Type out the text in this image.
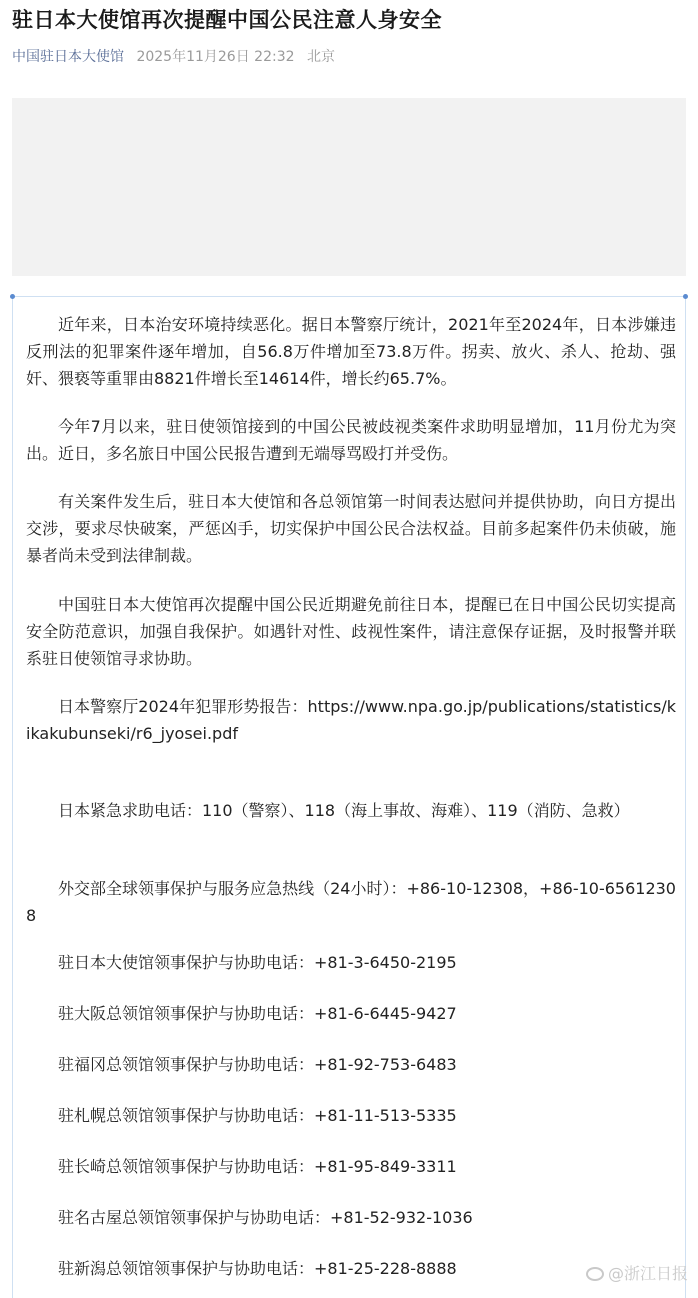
驻日本大使馆再次提醒中国公民注意人身安全
中国驻日本大使馆 2025年11月26日 22:32 北京

近年来，日本治安环境持续恶化。据日本警察厅统计，2021年至2024年，日本涉嫌违反刑法的犯罪案件逐年增加，自56.8万件增加至73.8万件。拐卖、放火、杀人、抢劫、强奸、猥亵等重罪由8821件增长至14614件，增长约65.7%。

今年7月以来，驻日使领馆接到的中国公民被歧视类案件求助明显增加，11月份尤为突出。近日，多名旅日中国公民报告遭到无端辱骂殴打并受伤。

有关案件发生后，驻日本大使馆和各总领馆第一时间表达慰问并提供协助，向日方提出交涉，要求尽快破案，严惩凶手，切实保护中国公民合法权益。目前多起案件仍未侦破，施暴者尚未受到法律制裁。

中国驻日本大使馆再次提醒中国公民近期避免前往日本，提醒已在日中国公民切实提高安全防范意识，加强自我保护。如遇针对性、歧视性案件，请注意保存证据，及时报警并联系驻日使领馆寻求协助。

日本警察厅2024年犯罪形势报告：https://www.npa.go.jp/publications/statistics/kikakubunseki/r6_jyosei.pdf

日本紧急求助电话：110（警察）、118（海上事故、海难）、119（消防、急救）

外交部全球领事保护与服务应急热线（24小时）：+86-10-12308，+86-10-65612308

驻日本大使馆领事保护与协助电话：+81-3-6450-2195

驻大阪总领馆领事保护与协助电话：+81-6-6445-9427

驻福冈总领馆领事保护与协助电话：+81-92-753-6483

驻札幌总领馆领事保护与协助电话：+81-11-513-5335

驻长崎总领馆领事保护与协助电话：+81-95-849-3311

驻名古屋总领馆领事保护与协助电话：+81-52-932-1036

驻新潟总领馆领事保护与协助电话：+81-25-228-8888	@浙江日报
